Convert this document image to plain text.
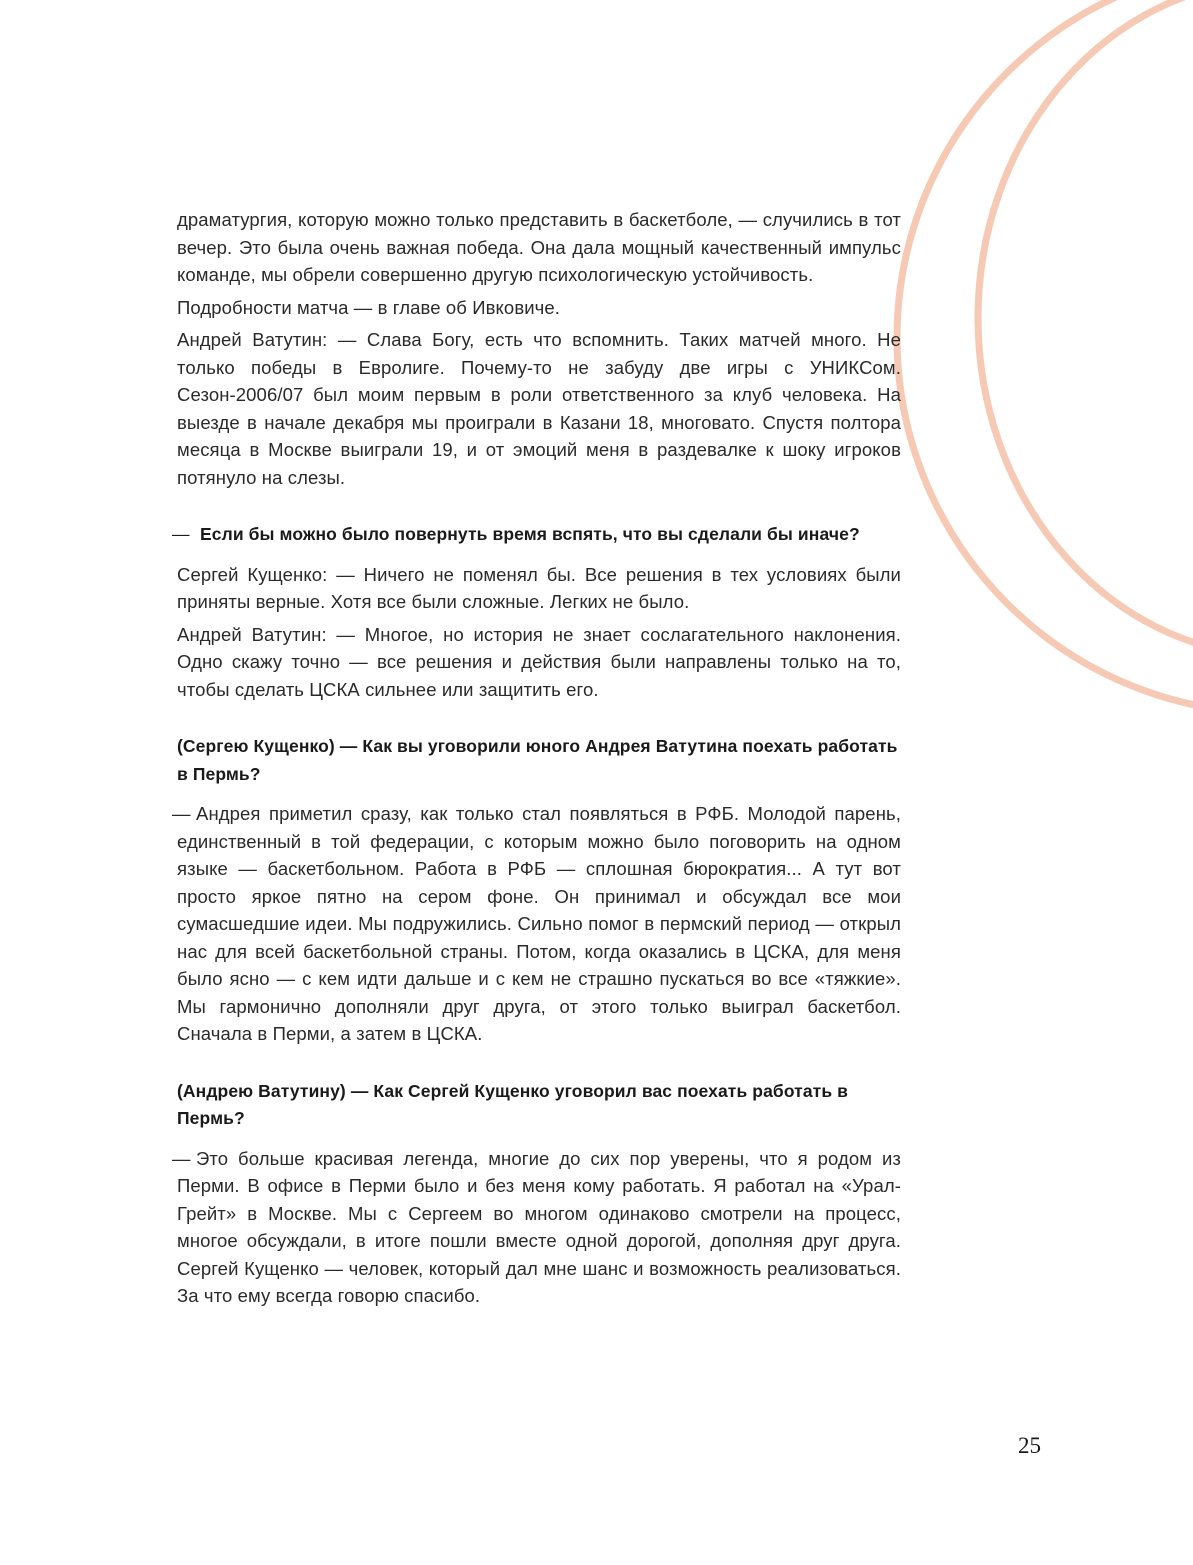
драматургия, которую можно только представить в баскетболе, — случились в тот вечер. Это была очень важная победа. Она дала мощный качественный импульс команде, мы обрели совершенно другую психологическую устойчивость.

Подробности матча — в главе об Ивковиче.

Андрей Ватутин: — Слава Богу, есть что вспомнить. Таких матчей много. Не только победы в Евролиге. Почему-то не забуду две игры с УНИКСом. Сезон-2006/07 был моим первым в роли ответственного за клуб человека. На выезде в начале декабря мы проиграли в Казани 18, многовато. Спустя полтора месяца в Москве выиграли 19, и от эмоций меня в раздевалке к шоку игроков потянуло на слезы.

— Если бы можно было повернуть время вспять, что вы сделали бы иначе?

Сергей Кущенко: — Ничего не поменял бы. Все решения в тех условиях были приняты верные. Хотя все были сложные. Легких не было.

Андрей Ватутин: — Многое, но история не знает сослагательного наклонения. Одно скажу точно — все решения и действия были направлены только на то, чтобы сделать ЦСКА сильнее или защитить его.

(Сергею Кущенко) — Как вы уговорили юного Андрея Ватутина поехать работать в Пермь?

— Андрея приметил сразу, как только стал появляться в РФБ. Молодой парень, единственный в той федерации, с которым можно было поговорить на одном языке — баскетбольном. Работа в РФБ — сплошная бюрократия... А тут вот просто яркое пятно на сером фоне. Он принимал и обсуждал все мои сумасшедшие идеи. Мы подружились. Сильно помог в пермский период — открыл нас для всей баскетбольной страны. Потом, когда оказались в ЦСКА, для меня было ясно — с кем идти дальше и с кем не страшно пускаться во все «тяжкие». Мы гармонично дополняли друг друга, от этого только выиграл баскетбол. Сначала в Перми, а затем в ЦСКА.

(Андрею Ватутину) — Как Сергей Кущенко уговорил вас поехать работать в Пермь?

— Это больше красивая легенда, многие до сих пор уверены, что я родом из Перми. В офисе в Перми было и без меня кому работать. Я работал на «Урал-Грейт» в Москве. Мы с Сергеем во многом одинаково смотрели на процесс, многое обсуждали, в итоге пошли вместе одной дорогой, дополняя друг друга. Сергей Кущенко — человек, который дал мне шанс и возможность реализоваться. За что ему всегда говорю спасибо.

25
